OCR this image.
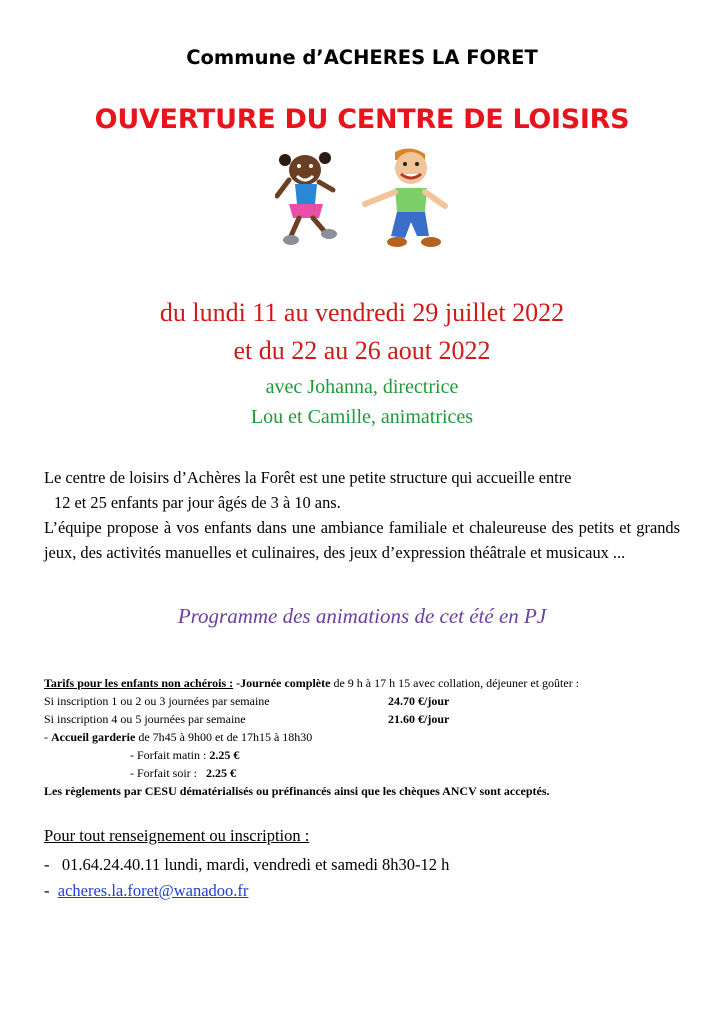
Commune d’ACHERES LA FORET
OUVERTURE DU CENTRE DE LOISIRS
du lundi 11 au vendredi 29 juillet 2022
et du 22 au 26 aout 2022
avec Johanna, directrice
Lou et Camille, animatrices
Le centre de loisirs d’Achères la Forêt est une petite structure qui accueille entre
12 et 25 enfants par jour âgés de 3 à 10 ans.
L’équipe propose à vos enfants dans une ambiance familiale et chaleureuse des petits et grands jeux, des activités manuelles et culinaires, des jeux d’expression théâtrale et musicaux ...
Programme des animations de cet été en PJ
Tarifs pour les enfants non achérois : -Journée complète de 9 h à 17 h 15 avec collation, déjeuner et goûter :
Si inscription 1 ou 2 ou 3 journées par semaine	24.70 €/jour
Si inscription 4 ou 5 journées par semaine	21.60 €/jour
- Accueil garderie de 7h45 à 9h00 et de 17h15 à 18h30
- Forfait matin : 2.25 €
- Forfait soir :   2.25 €
Les règlements par CESU dématérialisés ou préfinancés ainsi que les chèques ANCV sont acceptés.
Pour tout renseignement ou inscription :
- 01.64.24.40.11 lundi, mardi, vendredi et samedi 8h30-12 h
- acheres.la.foret@wanadoo.fr
